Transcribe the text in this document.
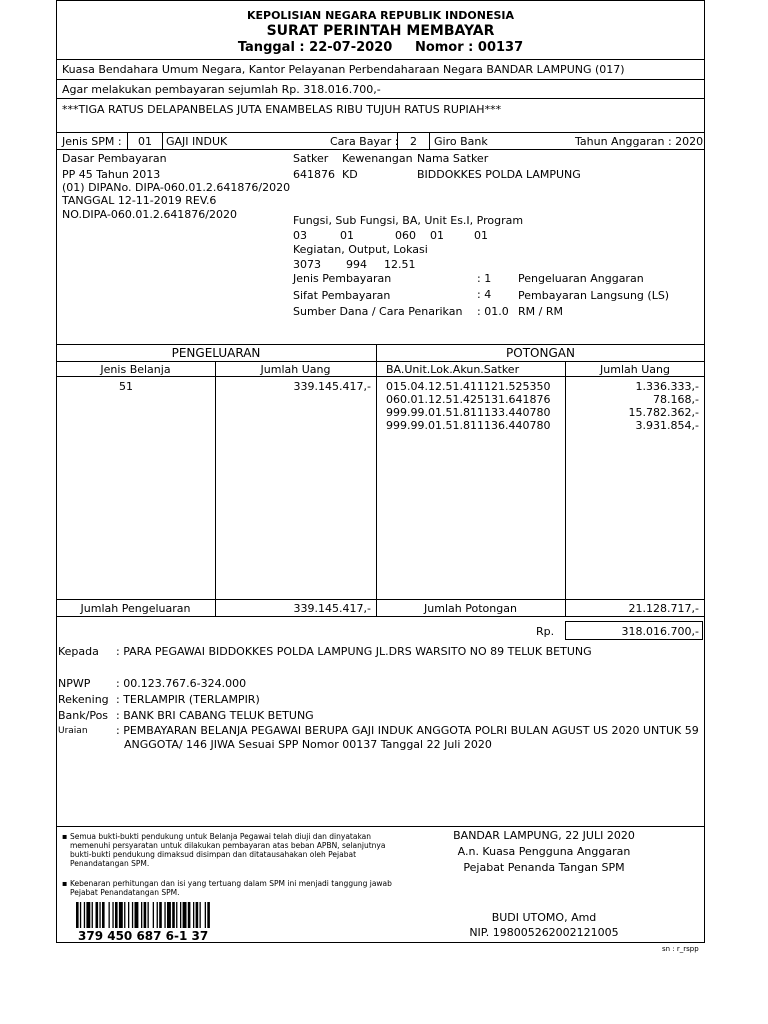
KEPOLISIAN NEGARA REPUBLIK INDONESIA
SURAT PERINTAH MEMBAYAR
Tanggal : 22-07-2020 Nomor : 00137
Kuasa Bendahara Umum Negara, Kantor Pelayanan Perbendaharaan Negara BANDAR LAMPUNG (017)
Agar melakukan pembayaran sejumlah Rp. 318.016.700,-
***TIGA RATUS DELAPANBELAS JUTA ENAMBELAS RIBU TUJUH RATUS RUPIAH***
Jenis SPM : 01 GAJI INDUK	Cara Bayar : 2 Giro Bank	Tahun Anggaran : 2020
Dasar Pembayaran
PP 45 Tahun 2013
(01) DIPANo. DIPA-060.01.2.641876/2020
TANGGAL 12-11-2019 REV.6
NO.DIPA-060.01.2.641876/2020
Satker Kewenangan Nama Satker
641876 KD	BIDDOKKES POLDA LAMPUNG
Fungsi, Sub Fungsi, BA, Unit Es.I, Program
03	01	060 01	01
Kegiatan, Output, Lokasi
3073 994 12.51
Jenis Pembayaran	: 1 Pengeluaran Anggaran
Sifat Pembayaran	: 4 Pembayaran Langsung (LS)
Sumber Dana / Cara Penarikan : 01.0 RM / RM
PENGELUARAN	POTONGAN
Jenis Belanja	Jumlah Uang	BA.Unit.Lok.Akun.Satker	Jumlah Uang
51	339.145.417,- 015.04.12.51.411121.525350	1.336.333,-
060.01.12.51.425131.641876	78.168,-
999.99.01.51.811133.440780	15.782.362,-
999.99.01.51.811136.440780	3.931.854,-
Jumlah Pengeluaran	339.145.417,-	Jumlah Potongan	21.128.717,-
Rp.	318.016.700,-
Kepada : PARA PEGAWAI BIDDOKKES POLDA LAMPUNG JL.DRS WARSITO NO 89 TELUK BETUNG
NPWP : 00.123.767.6-324.000
Rekening : TERLAMPIR (TERLAMPIR)
Bank/Pos : BANK BRI CABANG TELUK BETUNG
Uraian	: PEMBAYARAN BELANJA PEGAWAI BERUPA GAJI INDUK ANGGOTA POLRI BULAN AGUST US 2020 UNTUK 59
ANGGOTA/ 146 JIWA Sesuai SPP Nomor 00137 Tanggal 22 Juli 2020
▪ Semua bukti-bukti pendukung untuk Belanja Pegawai telah diuji dan dinyatakan memenuhi persyaratan untuk dilakukan pembayaran atas beban APBN, selanjutnya bukti-bukti pendukung dimaksud disimpan dan ditatausahakan oleh Pejabat Penandatangan SPM.
▪ Kebenaran perhitungan dan isi yang tertuang dalam SPM ini menjadi tanggung jawab Pejabat Penandatangan SPM.
379 450 687 6-1 37
BANDAR LAMPUNG, 22 JULI 2020
A.n. Kuasa Pengguna Anggaran
Pejabat Penanda Tangan SPM
BUDI UTOMO, Amd
NIP. 198005262002121005
sn : r_rspp
